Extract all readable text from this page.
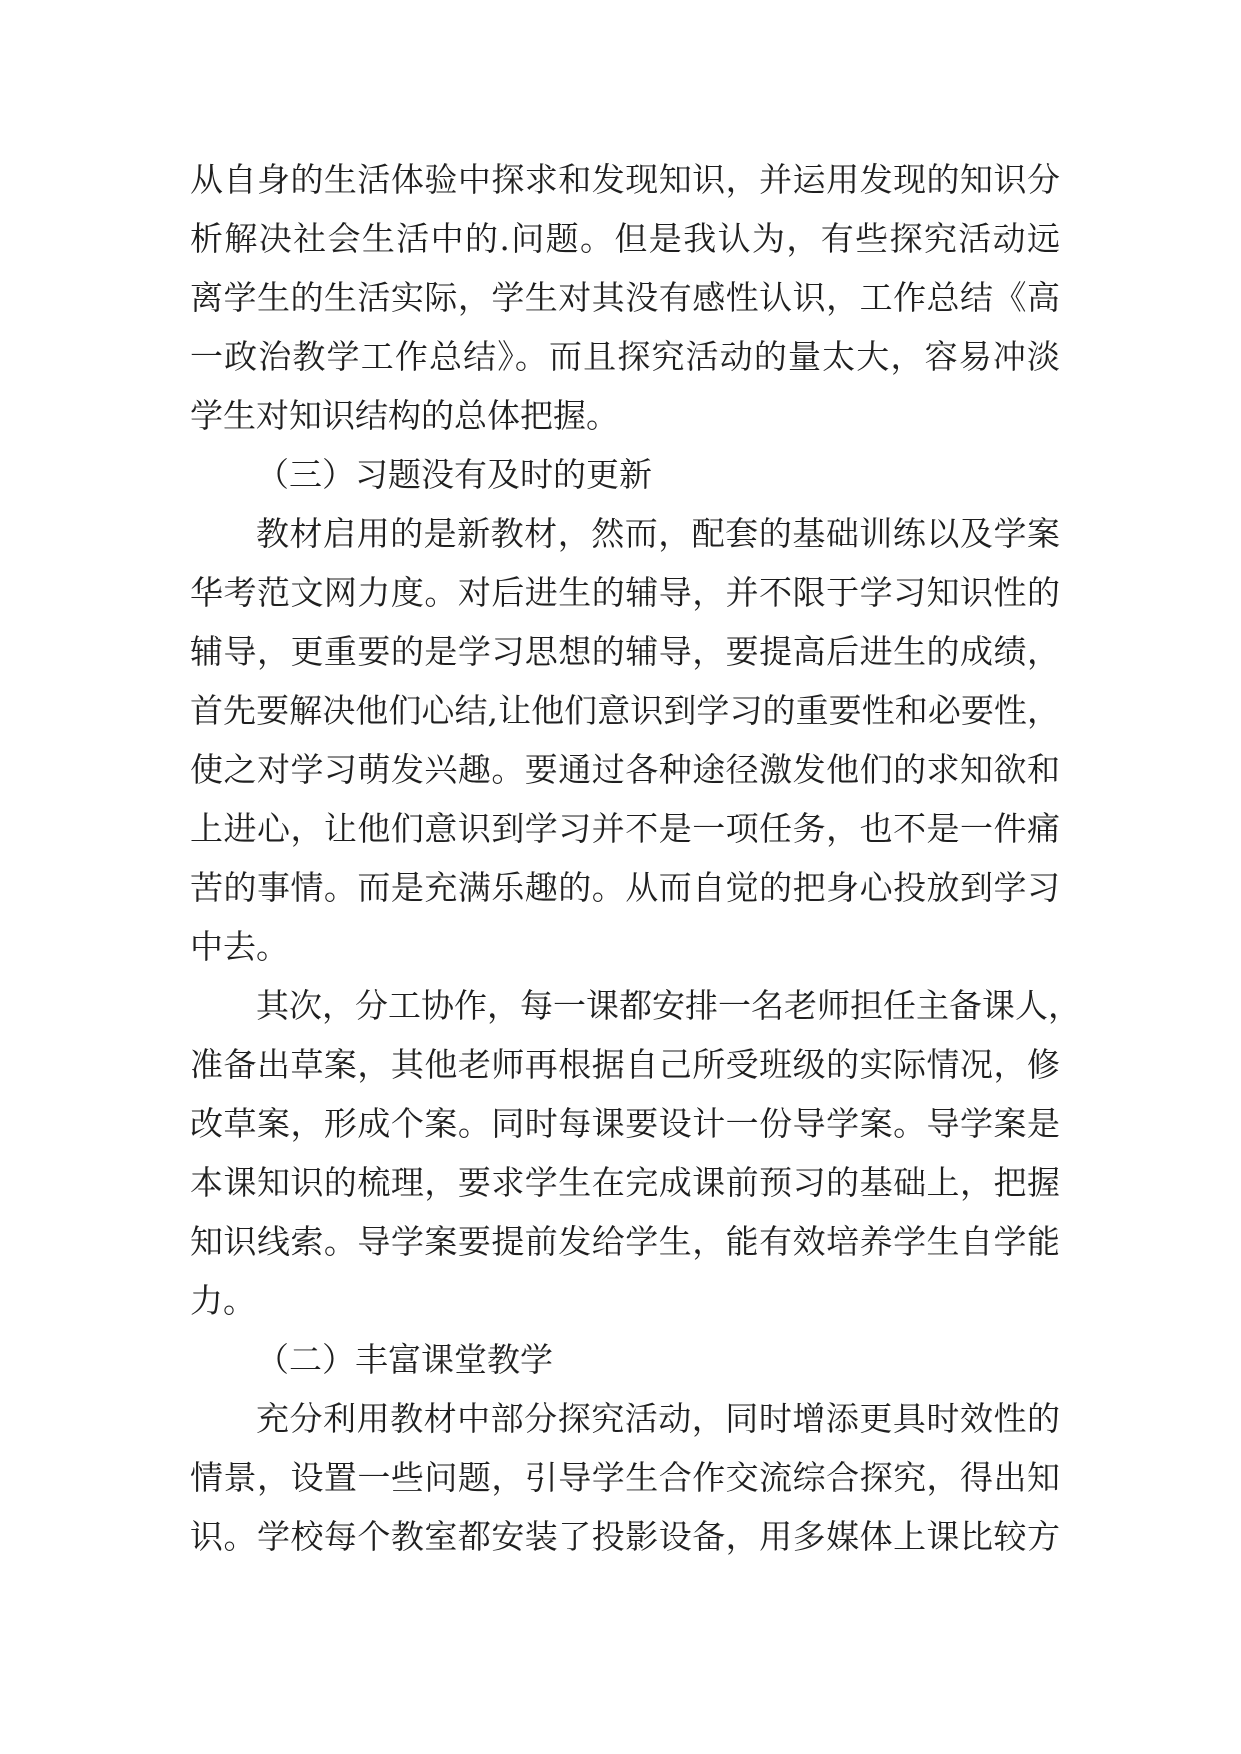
从自身的生活体验中探求和发现知识，并运用发现的知识分
析解决社会生活中的.问题。但是我认为，有些探究活动远
离学生的生活实际，学生对其没有感性认识，工作总结《高
一政治教学工作总结》。而且探究活动的量太大，容易冲淡
学生对知识结构的总体把握。
（三）习题没有及时的更新
教材启用的是新教材，然而，配套的基础训练以及学案
华考范文网力度。对后进生的辅导，并不限于学习知识性的
辅导，更重要的是学习思想的辅导，要提高后进生的成绩，
首先要解决他们心结,让他们意识到学习的重要性和必要性，
使之对学习萌发兴趣。要通过各种途径激发他们的求知欲和
上进心，让他们意识到学习并不是一项任务，也不是一件痛
苦的事情。而是充满乐趣的。从而自觉的把身心投放到学习
中去。
其次，分工协作，每一课都安排一名老师担任主备课人，
准备出草案，其他老师再根据自己所受班级的实际情况，修
改草案，形成个案。同时每课要设计一份导学案。导学案是
本课知识的梳理，要求学生在完成课前预习的基础上，把握
知识线索。导学案要提前发给学生，能有效培养学生自学能
力。
（二）丰富课堂教学
充分利用教材中部分探究活动，同时增添更具时效性的
情景，设置一些问题，引导学生合作交流综合探究，得出知
识。学校每个教室都安装了投影设备，用多媒体上课比较方
